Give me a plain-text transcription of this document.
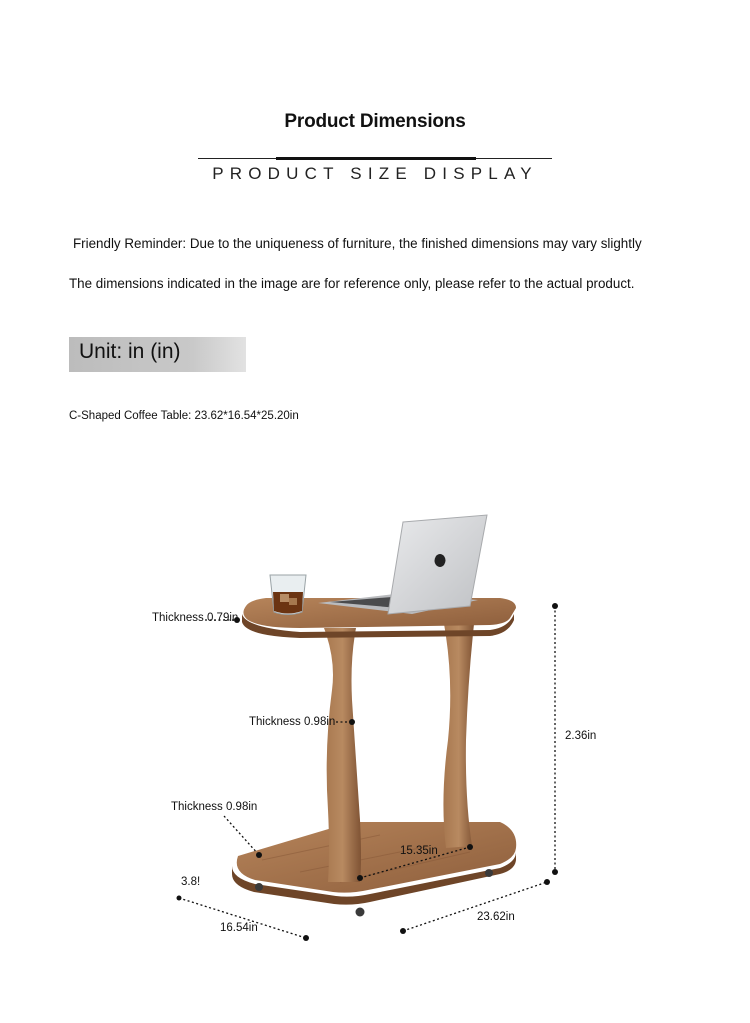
Product Dimensions
PRODUCT SIZE DISPLAY
Friendly Reminder: Due to the uniqueness of furniture, the finished dimensions may vary slightly
The dimensions indicated in the image are for reference only, please refer to the actual product.
Unit: in (in)
C-Shaped Coffee Table: 23.62*16.54*25.20in
Thickness 0.79in
Thickness 0.98in
Thickness 0.98in
2.36in
15.35in
3.8!
16.54in
23.62in
